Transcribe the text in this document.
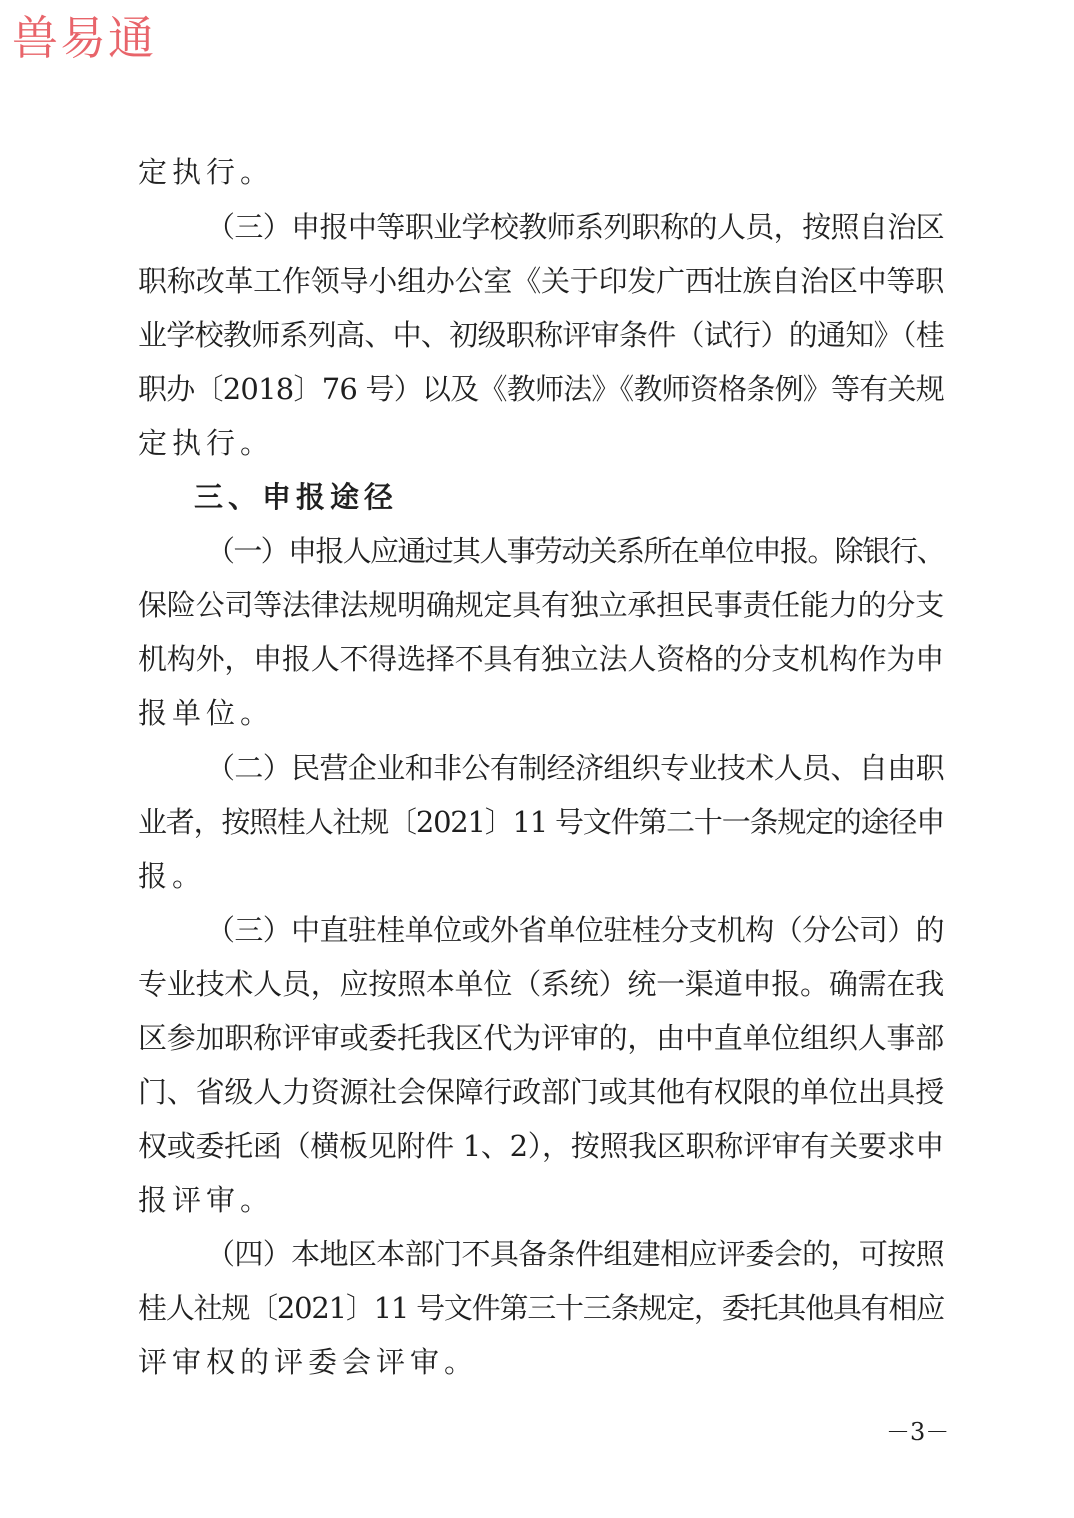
兽易通
定执行。
（三）申报中等职业学校教师系列职称的人员，按照自治区
职称改革工作领导小组办公室《关于印发广西壮族自治区中等职
业学校教师系列高、中、初级职称评审条件（试行）的通知》（桂
职办〔2018〕76 号）以及《教师法》《教师资格条例》等有关规
定执行。
三、申报途径
（一）申报人应通过其人事劳动关系所在单位申报。除银行、
保险公司等法律法规明确规定具有独立承担民事责任能力的分支
机构外，申报人不得选择不具有独立法人资格的分支机构作为申
报单位。
（二）民营企业和非公有制经济组织专业技术人员、自由职
业者，按照桂人社规〔2021〕11 号文件第二十一条规定的途径申
报。
（三）中直驻桂单位或外省单位驻桂分支机构（分公司）的
专业技术人员，应按照本单位（系统）统一渠道申报。确需在我
区参加职称评审或委托我区代为评审的，由中直单位组织人事部
门、省级人力资源社会保障行政部门或其他有权限的单位出具授
权或委托函（横板见附件 1、2），按照我区职称评审有关要求申
报评审。
（四）本地区本部门不具备条件组建相应评委会的，可按照
桂人社规〔2021〕11 号文件第三十三条规定，委托其他具有相应
评审权的评委会评审。
－3－
